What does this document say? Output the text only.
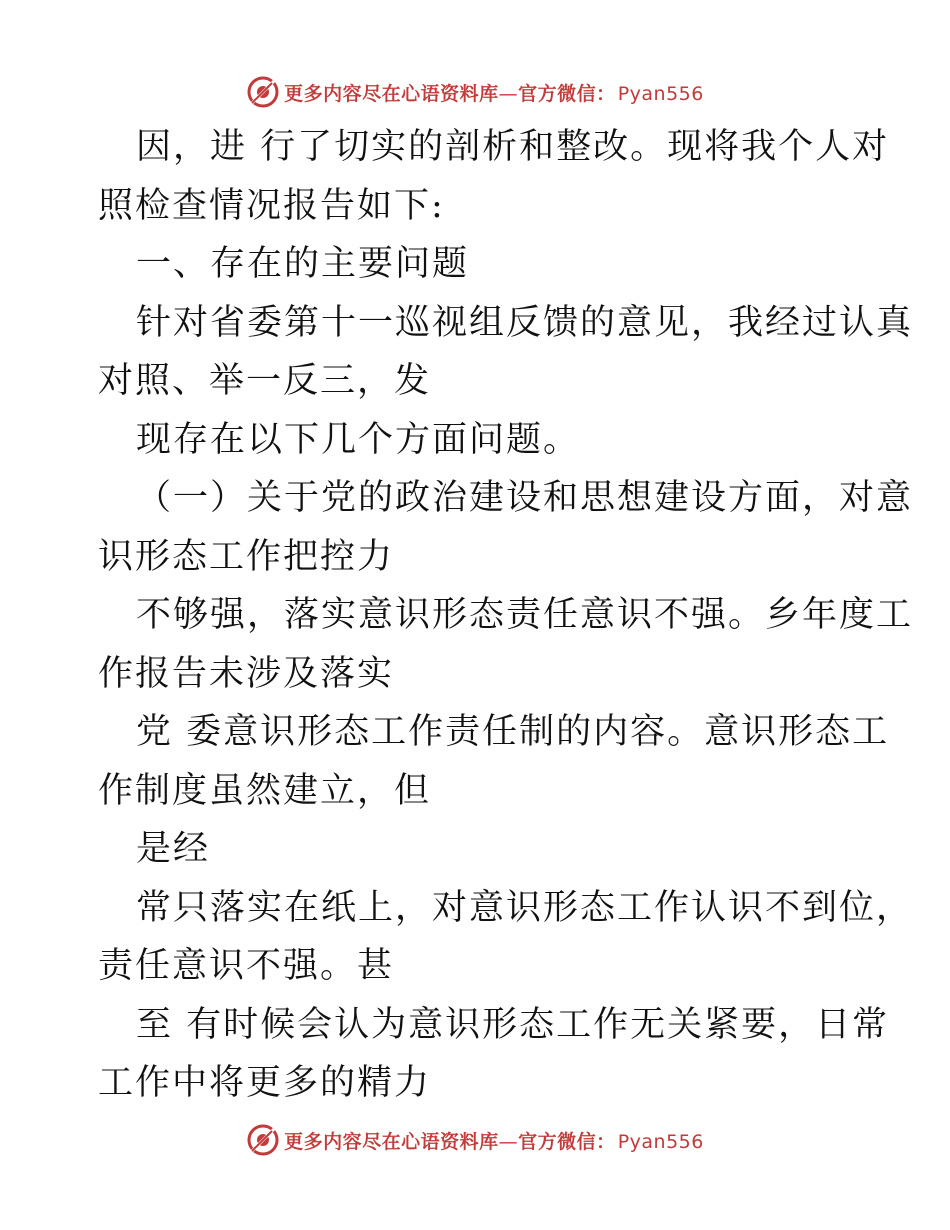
更多内容尽在心语资料库—官方微信： Pyan556
因，进 行了切实的剖析和整改。现将我个人对
照检查情况报告如下:
一、存在的主要问题
针对省委第十一巡视组反馈的意见，我经过认真
对照、举一反三，发
现存在以下几个方面问题。
（一）关于党的政治建设和思想建设方面，对意
识形态工作把控力
不够强，落实意识形态责任意识不强。乡年度工
作报告未涉及落实
党 委意识形态工作责任制的内容。意识形态工
作制度虽然建立，但
是经
常只落实在纸上，对意识形态工作认识不到位，
责任意识不强。甚
至 有时候会认为意识形态工作无关紧要，日常
工作中将更多的精力
更多内容尽在心语资料库—官方微信： Pyan556
